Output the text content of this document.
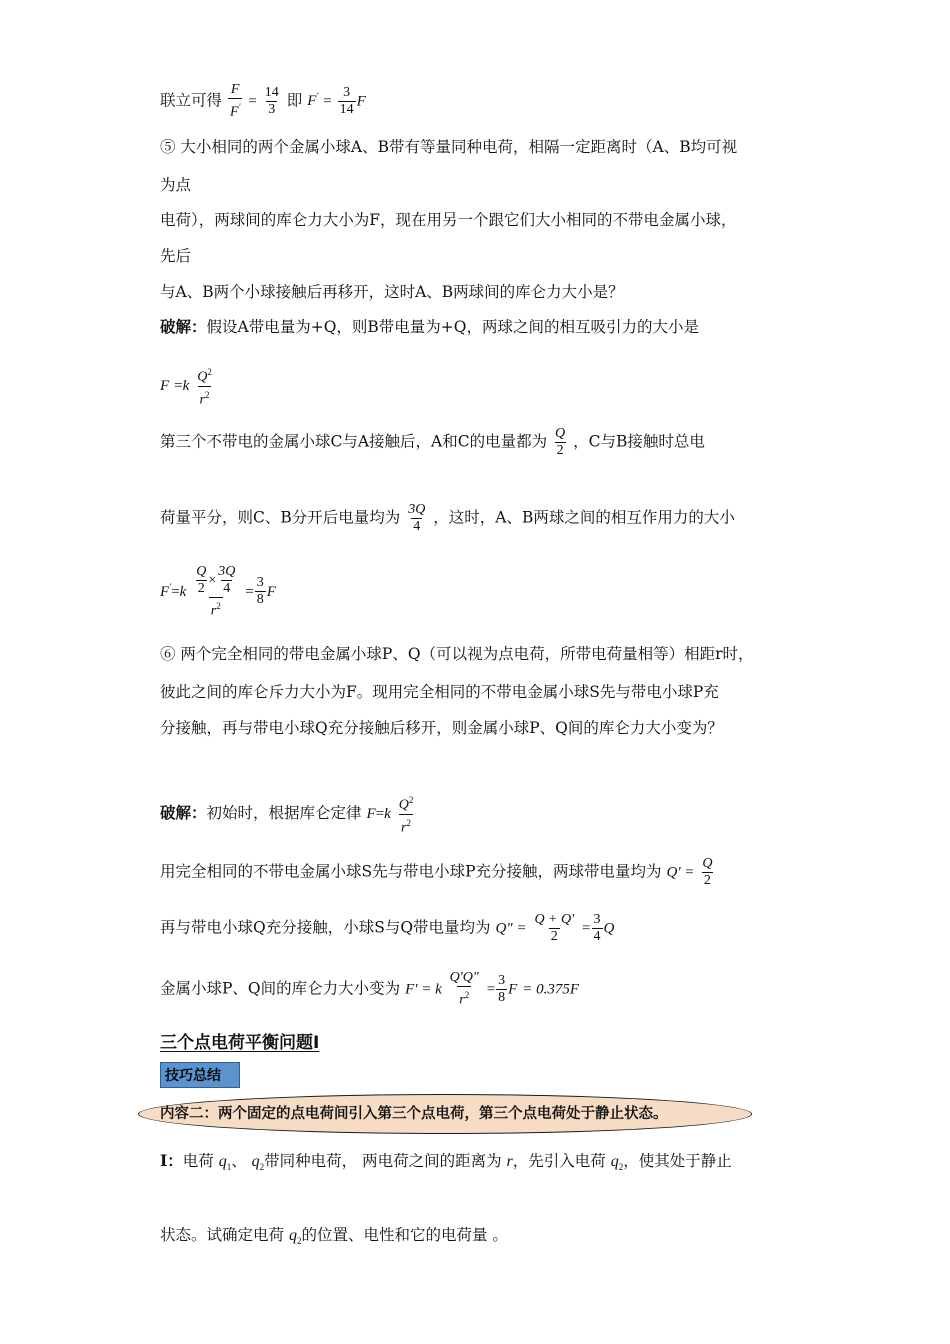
联立可得 $\frac{F}{F'} = \frac{14}{3}$ 即 $F' = \frac{3}{14}$ F
⑤ 大小相同的两个金属小球A、B带有等量同种电荷，相隔一定距离时（A、B均可视
为点
电荷），两球间的库仑力大小为F，现在用另一个跟它们大小相同的不带电金属小球，
先后
与A、B两个小球接触后再移开，这时A、B两球间的库仑力大小是？
破解：假设A带电量为+Q，则B带电量为+Q，两球之间的相互吸引力的大小是
$F =k \frac{Q^2}{r^2}$
第三个不带电的金属小球C与A接触后，A和C的电量都为 $\frac{Q}{2}$ ，C与B接触时总电
荷量平分，则C、B分开后电量均为 $\frac{3Q}{4}$ ，这时，A、B两球之间的相互作用力的大小
$F'=k \frac{\frac{Q}{2} \times \frac{3Q}{4}}{r^2} = \frac{3}{8}$ F
⑥ 两个完全相同的带电金属小球P、Q（可以视为点电荷，所带电荷量相等）相距r时，
彼此之间的库仑斥力大小为F。现用完全相同的不带电金属小球S先与带电小球P充
分接触，再与带电小球Q充分接触后移开，则金属小球P、Q间的库仑力大小变为？
破解：初始时，根据库仑定律 $F=k \frac{Q^2}{r^2}$
用完全相同的不带电金属小球S先与带电小球P充分接触，两球带电量均为 $Q' = \frac{Q}{2}$
再与带电小球Q充分接触，小球S与Q带电量均为 Q" = $\frac{Q + Q'}{2} = \frac{3}{4}$ Q
金属小球P、Q间的库仑力大小变为 F' = k $\frac{Q'Q"}{r^2} = \frac{3}{8}$ F = 0.375F
三个点电荷平衡问题Ⅰ
技巧总结
内容二：两个固定的点电荷间引入第三个点电荷，第三个点电荷处于静止状态。
I：电荷 $q_1$、 $q_2$带同种电荷， 两电荷之间的距离为 r，先引入电荷 $q_2$，使其处于静止
状态。试确定电荷 $q_2$的位置、电性和它的电荷量 。
